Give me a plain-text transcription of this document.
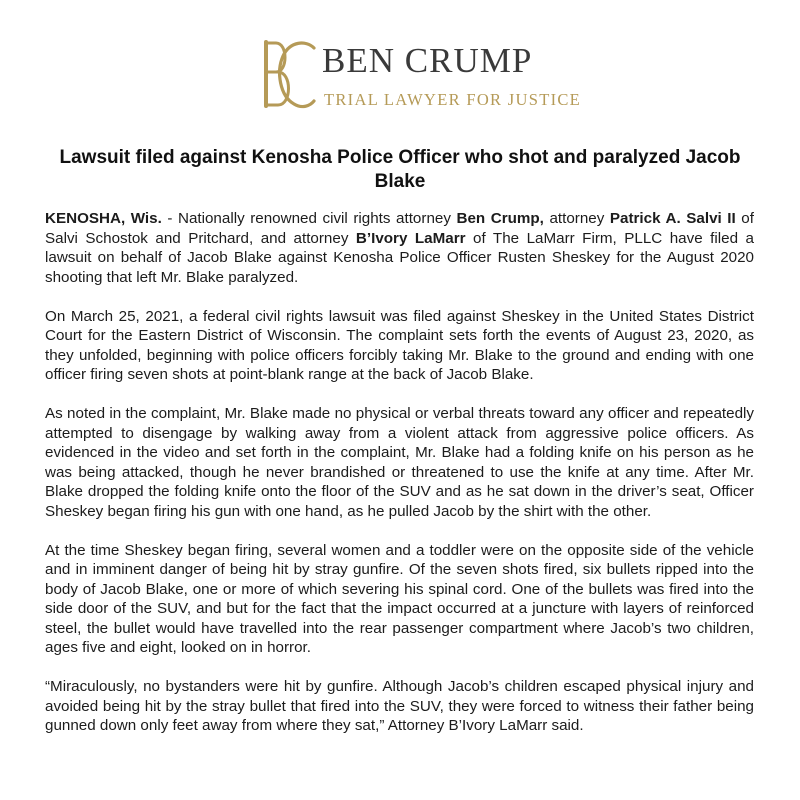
BEN CRUMP
TRIAL LAWYER FOR JUSTICE
Lawsuit filed against Kenosha Police Officer who shot and paralyzed Jacob Blake

KENOSHA, Wis. - Nationally renowned civil rights attorney Ben Crump, attorney Patrick A. Salvi II of Salvi Schostok and Pritchard, and attorney B’Ivory LaMarr of The LaMarr Firm, PLLC have filed a lawsuit on behalf of Jacob Blake against Kenosha Police Officer Rusten Sheskey for the August 2020 shooting that left Mr. Blake paralyzed.

On March 25, 2021, a federal civil rights lawsuit was filed against Sheskey in the United States District Court for the Eastern District of Wisconsin. The complaint sets forth the events of August 23, 2020, as they unfolded, beginning with police officers forcibly taking Mr. Blake to the ground and ending with one officer firing seven shots at point-blank range at the back of Jacob Blake.

As noted in the complaint, Mr. Blake made no physical or verbal threats toward any officer and repeatedly attempted to disengage by walking away from a violent attack from aggressive police officers. As evidenced in the video and set forth in the complaint, Mr. Blake had a folding knife on his person as he was being attacked, though he never brandished or threatened to use the knife at any time. After Mr. Blake dropped the folding knife onto the floor of the SUV and as he sat down in the driver’s seat, Officer Sheskey began firing his gun with one hand, as he pulled Jacob by the shirt with the other.

At the time Sheskey began firing, several women and a toddler were on the opposite side of the vehicle and in imminent danger of being hit by stray gunfire. Of the seven shots fired, six bullets ripped into the body of Jacob Blake, one or more of which severing his spinal cord. One of the bullets was fired into the side door of the SUV, and but for the fact that the impact occurred at a juncture with layers of reinforced steel, the bullet would have travelled into the rear passenger compartment where Jacob’s two children, ages five and eight, looked on in horror.

“Miraculously, no bystanders were hit by gunfire. Although Jacob’s children escaped physical injury and avoided being hit by the stray bullet that fired into the SUV, they were forced to witness their father being gunned down only feet away from where they sat,” Attorney B’Ivory LaMarr said.
